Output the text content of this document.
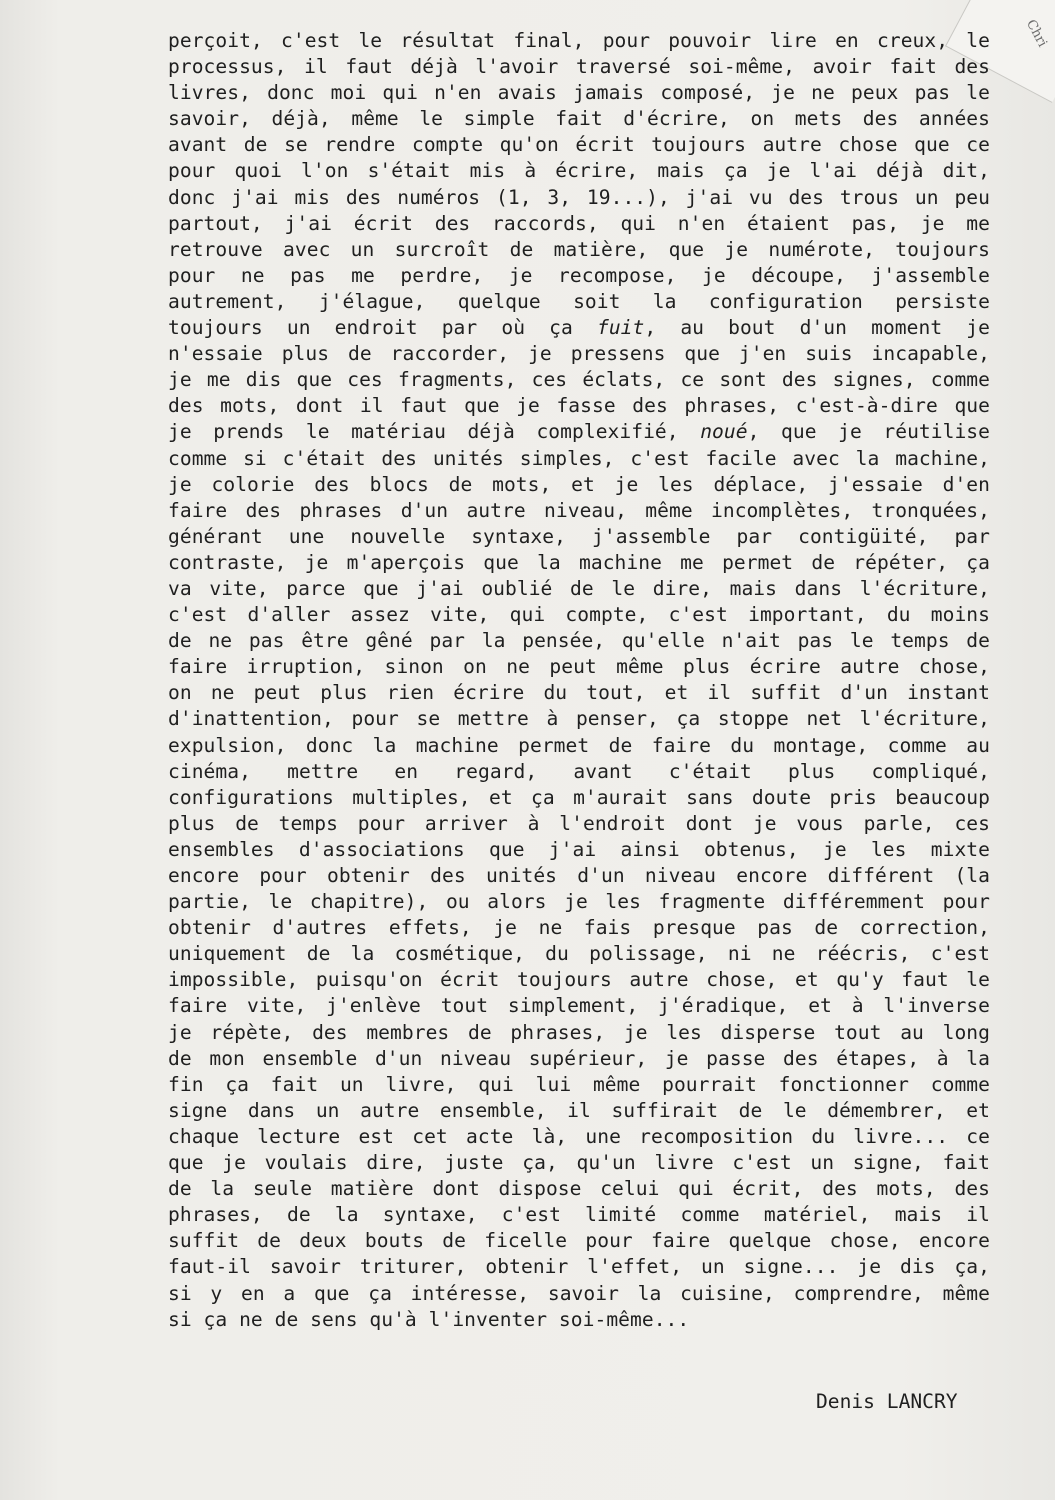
Chri
perçoit, c'est le résultat final, pour pouvoir lire en creux, le
processus, il faut déjà l'avoir traversé soi-même, avoir fait des
livres, donc moi qui n'en avais jamais composé, je ne peux pas le
savoir, déjà, même le simple fait d'écrire, on mets des années
avant de se rendre compte qu'on écrit toujours autre chose que ce
pour quoi l'on s'était mis à écrire, mais ça je l'ai déjà dit,
donc j'ai mis des numéros (1, 3, 19...), j'ai vu des trous un peu
partout, j'ai écrit des raccords, qui n'en étaient pas, je me
retrouve avec un surcroît de matière, que je numérote, toujours
pour ne pas me perdre, je recompose, je découpe, j'assemble
autrement, j'élague, quelque soit la configuration persiste
toujours un endroit par où ça fuit, au bout d'un moment je
n'essaie plus de raccorder, je pressens que j'en suis incapable,
je me dis que ces fragments, ces éclats, ce sont des signes, comme
des mots, dont il faut que je fasse des phrases, c'est-à-dire que
je prends le matériau déjà complexifié, noué, que je réutilise
comme si c'était des unités simples, c'est facile avec la machine,
je colorie des blocs de mots, et je les déplace, j'essaie d'en
faire des phrases d'un autre niveau, même incomplètes, tronquées,
générant une nouvelle syntaxe, j'assemble par contigüité, par
contraste, je m'aperçois que la machine me permet de répéter, ça
va vite, parce que j'ai oublié de le dire, mais dans l'écriture,
c'est d'aller assez vite, qui compte, c'est important, du moins
de ne pas être gêné par la pensée, qu'elle n'ait pas le temps de
faire irruption, sinon on ne peut même plus écrire autre chose,
on ne peut plus rien écrire du tout, et il suffit d'un instant
d'inattention, pour se mettre à penser, ça stoppe net l'écriture,
expulsion, donc la machine permet de faire du montage, comme au
cinéma, mettre en regard, avant c'était plus compliqué,
configurations multiples, et ça m'aurait sans doute pris beaucoup
plus de temps pour arriver à l'endroit dont je vous parle, ces
ensembles d'associations que j'ai ainsi obtenus, je les mixte
encore pour obtenir des unités d'un niveau encore différent (la
partie, le chapitre), ou alors je les fragmente différemment pour
obtenir d'autres effets, je ne fais presque pas de correction,
uniquement de la cosmétique, du polissage, ni ne réécris, c'est
impossible, puisqu'on écrit toujours autre chose, et qu'y faut le
faire vite, j'enlève tout simplement, j'éradique, et à l'inverse
je répète, des membres de phrases, je les disperse tout au long
de mon ensemble d'un niveau supérieur, je passe des étapes, à la
fin ça fait un livre, qui lui même pourrait fonctionner comme
signe dans un autre ensemble, il suffirait de le démembrer, et
chaque lecture est cet acte là, une recomposition du livre... ce
que je voulais dire, juste ça, qu'un livre c'est un signe, fait
de la seule matière dont dispose celui qui écrit, des mots, des
phrases, de la syntaxe, c'est limité comme matériel, mais il
suffit de deux bouts de ficelle pour faire quelque chose, encore
faut-il savoir triturer, obtenir l'effet, un signe... je dis ça,
si y en a que ça intéresse, savoir la cuisine, comprendre, même
si ça ne de sens qu'à l'inventer soi-même...
Denis LANCRY
